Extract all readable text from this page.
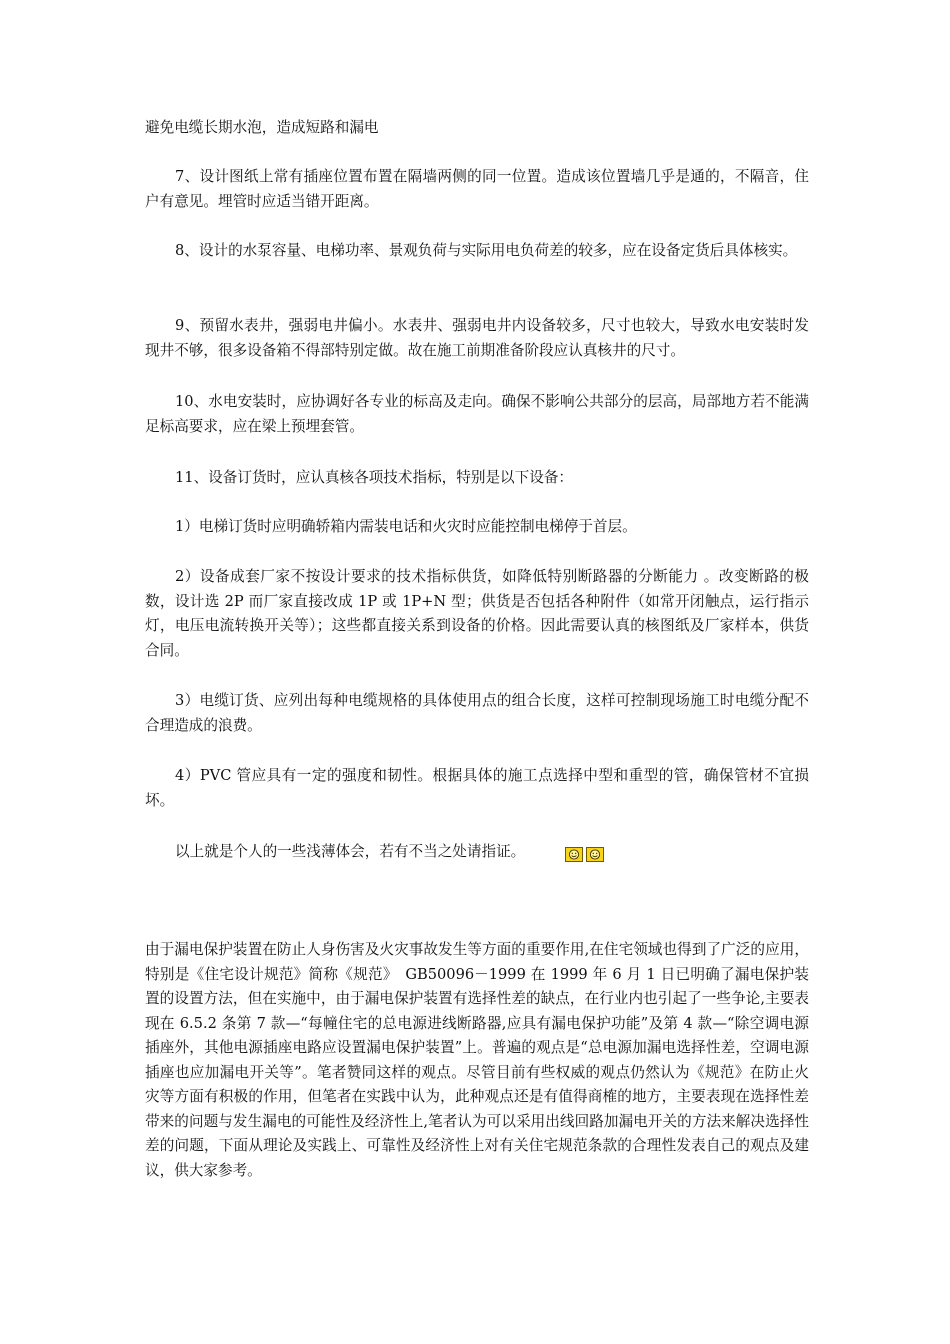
避免电缆长期水泡，造成短路和漏电

7、设计图纸上常有插座位置布置在隔墙两侧的同一位置。造成该位置墙几乎是通的，不隔音，住户有意见。埋管时应适当错开距离。

8、设计的水泵容量、电梯功率、景观负荷与实际用电负荷差的较多，应在设备定货后具体核实。

9、预留水表井，强弱电井偏小。水表井、强弱电井内设备较多，尺寸也较大，导致水电安装时发现井不够，很多设备箱不得部特别定做。故在施工前期准备阶段应认真核井的尺寸。

10、水电安装时，应协调好各专业的标高及走向。确保不影响公共部分的层高，局部地方若不能满足标高要求，应在梁上预埋套管。

11、设备订货时，应认真核各项技术指标，特别是以下设备：

1）电梯订货时应明确轿箱内需装电话和火灾时应能控制电梯停于首层。

2）设备成套厂家不按设计要求的技术指标供货，如降低特别断路器的分断能力 。改变断路的极数，设计选 2P 而厂家直接改成 1P 或 1P+N 型；供货是否包括各种附件（如常开闭触点，运行指示灯，电压电流转换开关等）；这些都直接关系到设备的价格。因此需要认真的核图纸及厂家样本，供货合同。

3）电缆订货、应列出每种电缆规格的具体使用点的组合长度，这样可控制现场施工时电缆分配不合理造成的浪费。

4）PVC 管应具有一定的强度和韧性。根据具体的施工点选择中型和重型的管，确保管材不宜损坏。

以上就是个人的一些浅薄体会，若有不当之处请指证。

由于漏电保护装置在防止人身伤害及火灾事故发生等方面的重要作用,在住宅领域也得到了广泛的应用，特别是《住宅设计规范》简称《规范》　GB50096－1999 在 1999 年 6 月 1 日已明确了漏电保护装置的设置方法，但在实施中，由于漏电保护装置有选择性差的缺点，在行业内也引起了一些争论,主要表现在 6.5.2 条第 7 款—“每幢住宅的总电源进线断路器,应具有漏电保护功能”及第 4 款—“除空调电源插座外，其他电源插座电路应设置漏电保护装置”上。普遍的观点是“总电源加漏电选择性差，空调电源插座也应加漏电开关等”。笔者赞同这样的观点。尽管目前有些权威的观点仍然认为《规范》在防止火灾等方面有积极的作用，但笔者在实践中认为，此种观点还是有值得商榷的地方，主要表现在选择性差带来的问题与发生漏电的可能性及经济性上,笔者认为可以采用出线回路加漏电开关的方法来解决选择性差的问题，下面从理论及实践上、可靠性及经济性上对有关住宅规范条款的合理性发表自己的观点及建议，供大家参考。
